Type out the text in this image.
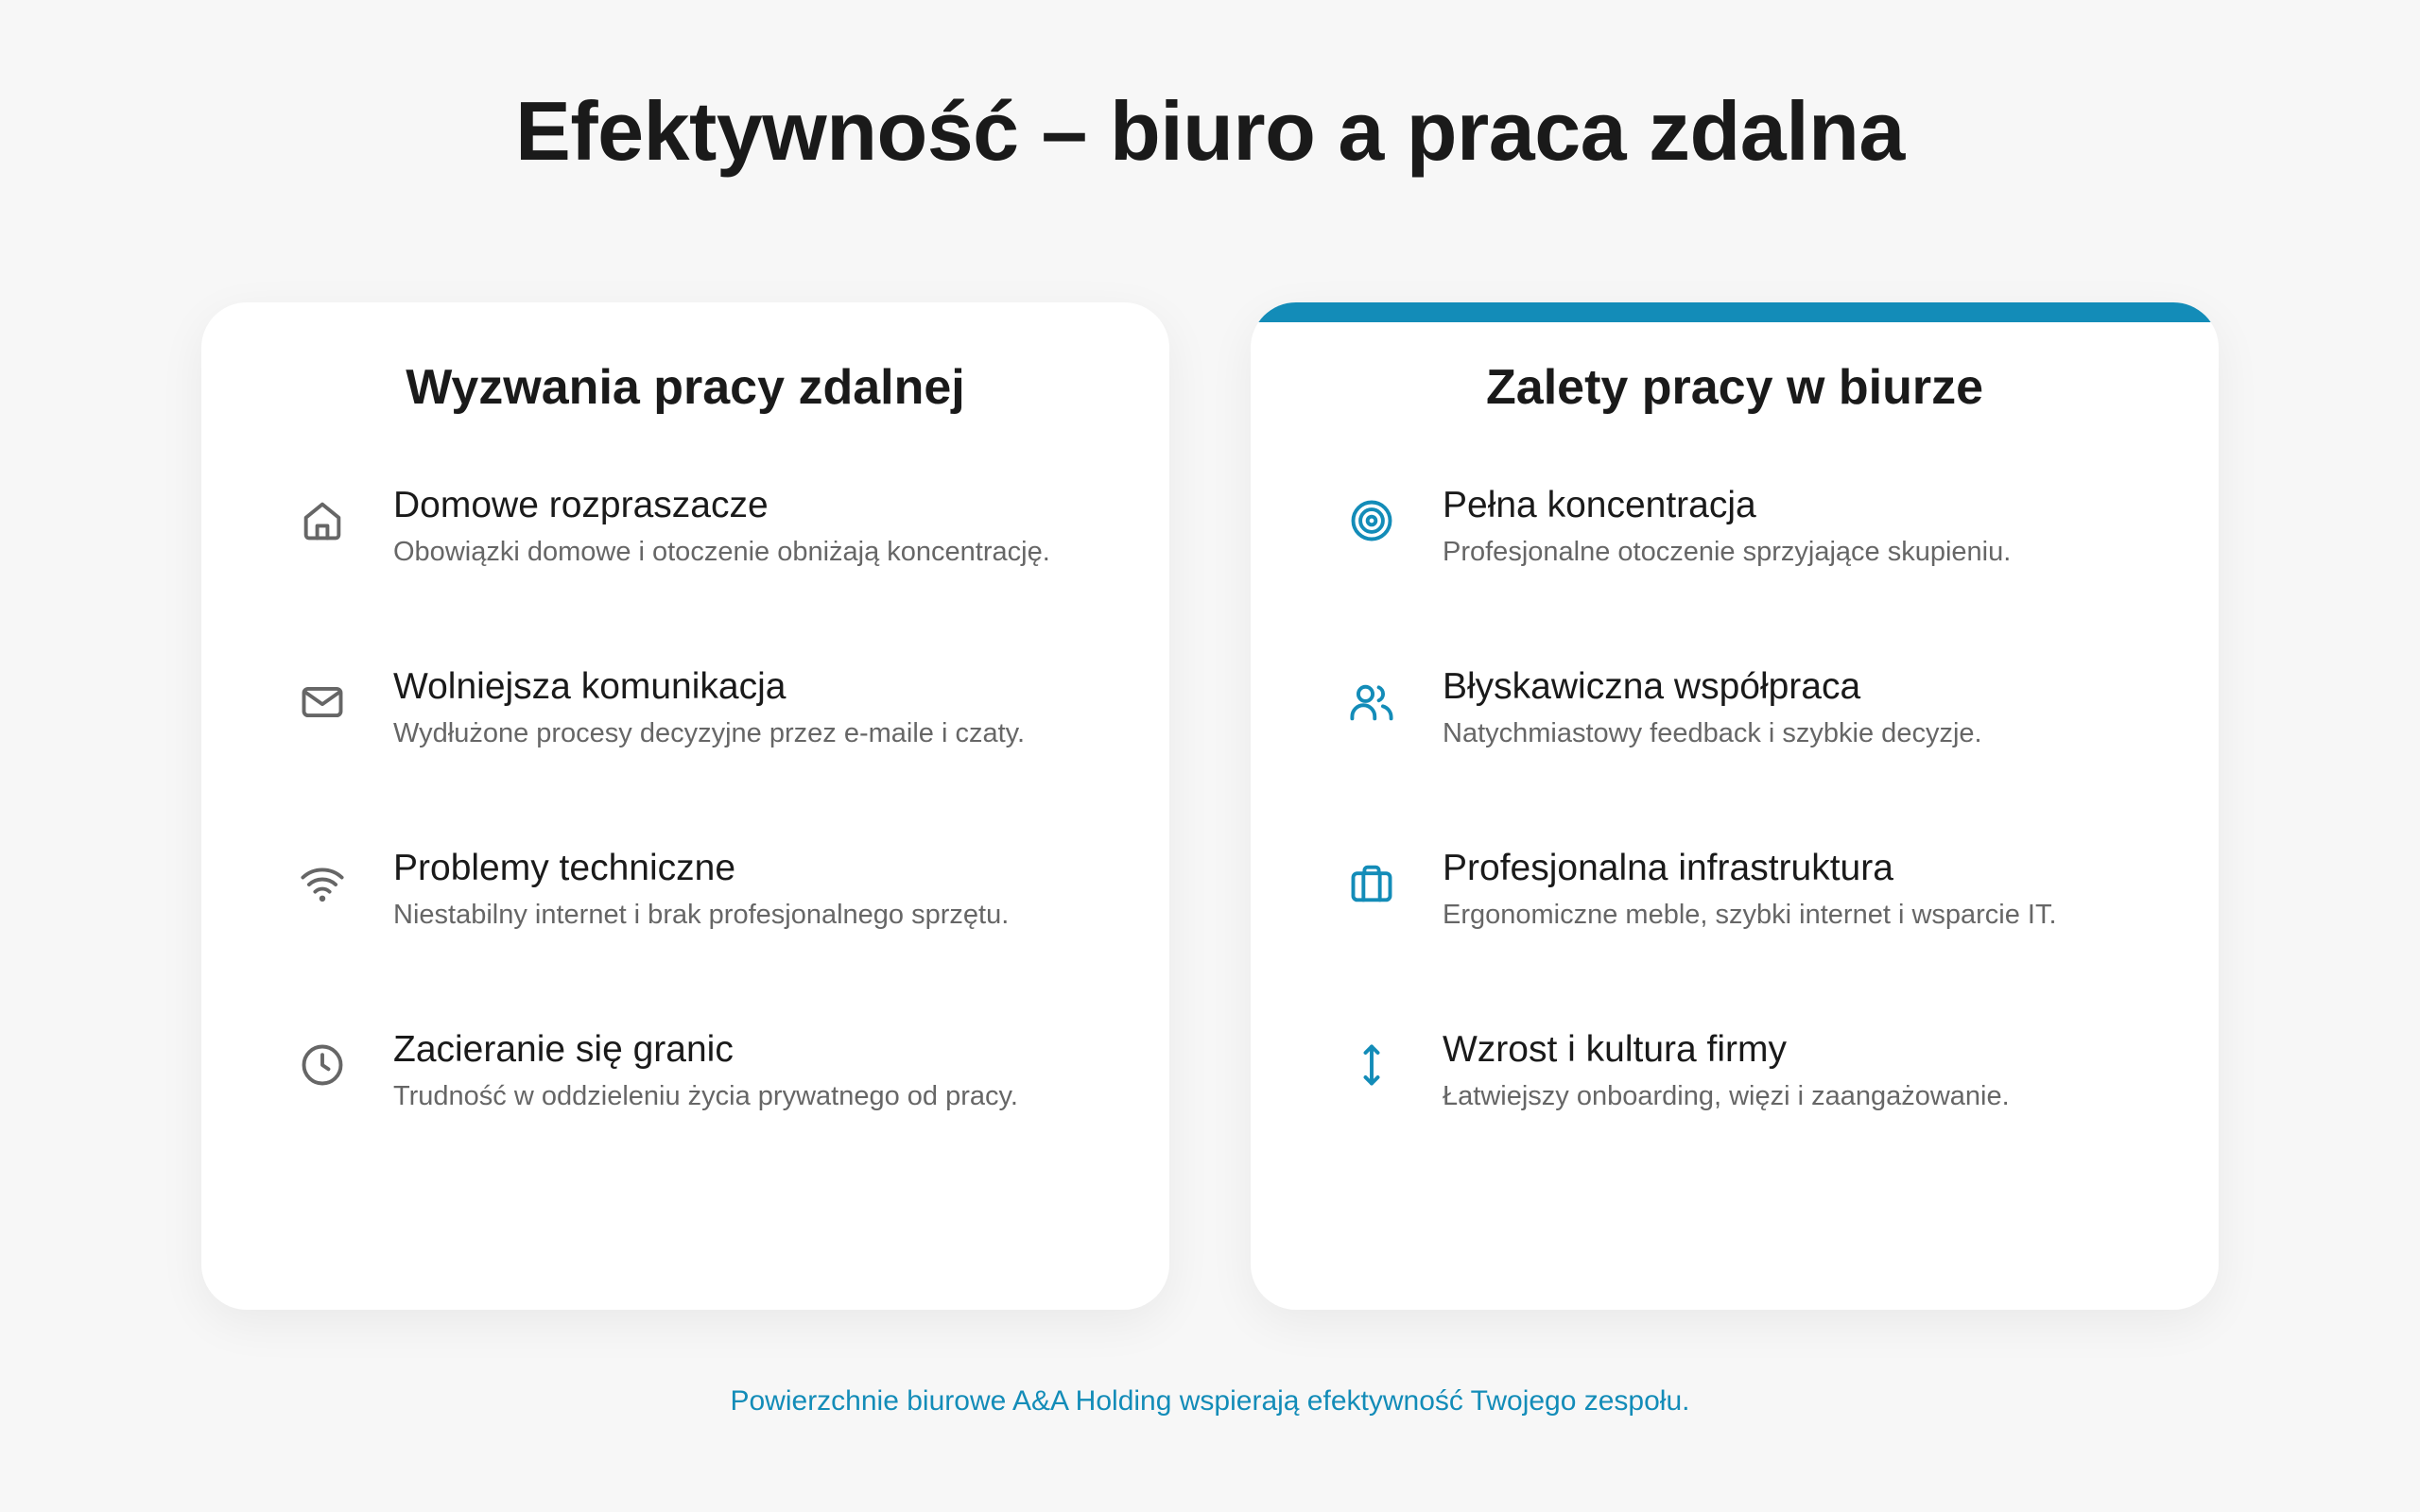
Efektywność – biuro a praca zdalna
Wyzwania pracy zdalnej
Domowe rozpraszacze
Obowiązki domowe i otoczenie obniżają koncentrację.
Wolniejsza komunikacja
Wydłużone procesy decyzyjne przez e-maile i czaty.
Problemy techniczne
Niestabilny internet i brak profesjonalnego sprzętu.
Zacieranie się granic
Trudność w oddzieleniu życia prywatnego od pracy.
Zalety pracy w biurze
Pełna koncentracja
Profesjonalne otoczenie sprzyjające skupieniu.
Błyskawiczna współpraca
Natychmiastowy feedback i szybkie decyzje.
Profesjonalna infrastruktura
Ergonomiczne meble, szybki internet i wsparcie IT.
Wzrost i kultura firmy
Łatwiejszy onboarding, więzi i zaangażowanie.

Powierzchnie biurowe A&A Holding wspierają efektywność Twojego zespołu.
